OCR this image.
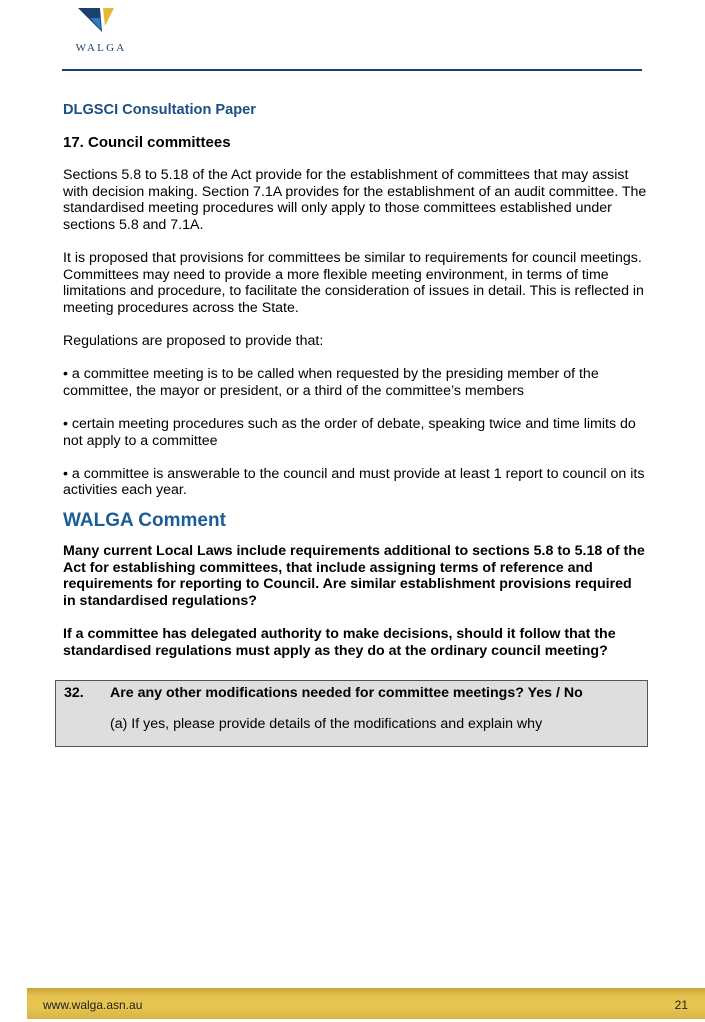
WALGA
DLGSCI Consultation Paper
17. Council committees

Sections 5.8 to 5.18 of the Act provide for the establishment of committees that may assist with decision making. Section 7.1A provides for the establishment of an audit committee. The standardised meeting procedures will only apply to those committees established under sections 5.8 and 7.1A.

It is proposed that provisions for committees be similar to requirements for council meetings. Committees may need to provide a more flexible meeting environment, in terms of time limitations and procedure, to facilitate the consideration of issues in detail. This is reflected in meeting procedures across the State.

Regulations are proposed to provide that:

• a committee meeting is to be called when requested by the presiding member of the committee, the mayor or president, or a third of the committee’s members

• certain meeting procedures such as the order of debate, speaking twice and time limits do not apply to a committee

• a committee is answerable to the council and must provide at least 1 report to council on its activities each year.

WALGA Comment

Many current Local Laws include requirements additional to sections 5.8 to 5.18 of the Act for establishing committees, that include assigning terms of reference and requirements for reporting to Council. Are similar establishment provisions required in standardised regulations?

If a committee has delegated authority to make decisions, should it follow that the standardised regulations must apply as they do at the ordinary council meeting?

32. Are any other modifications needed for committee meetings? Yes / No
(a) If yes, please provide details of the modifications and explain why
www.walga.asn.au	21
